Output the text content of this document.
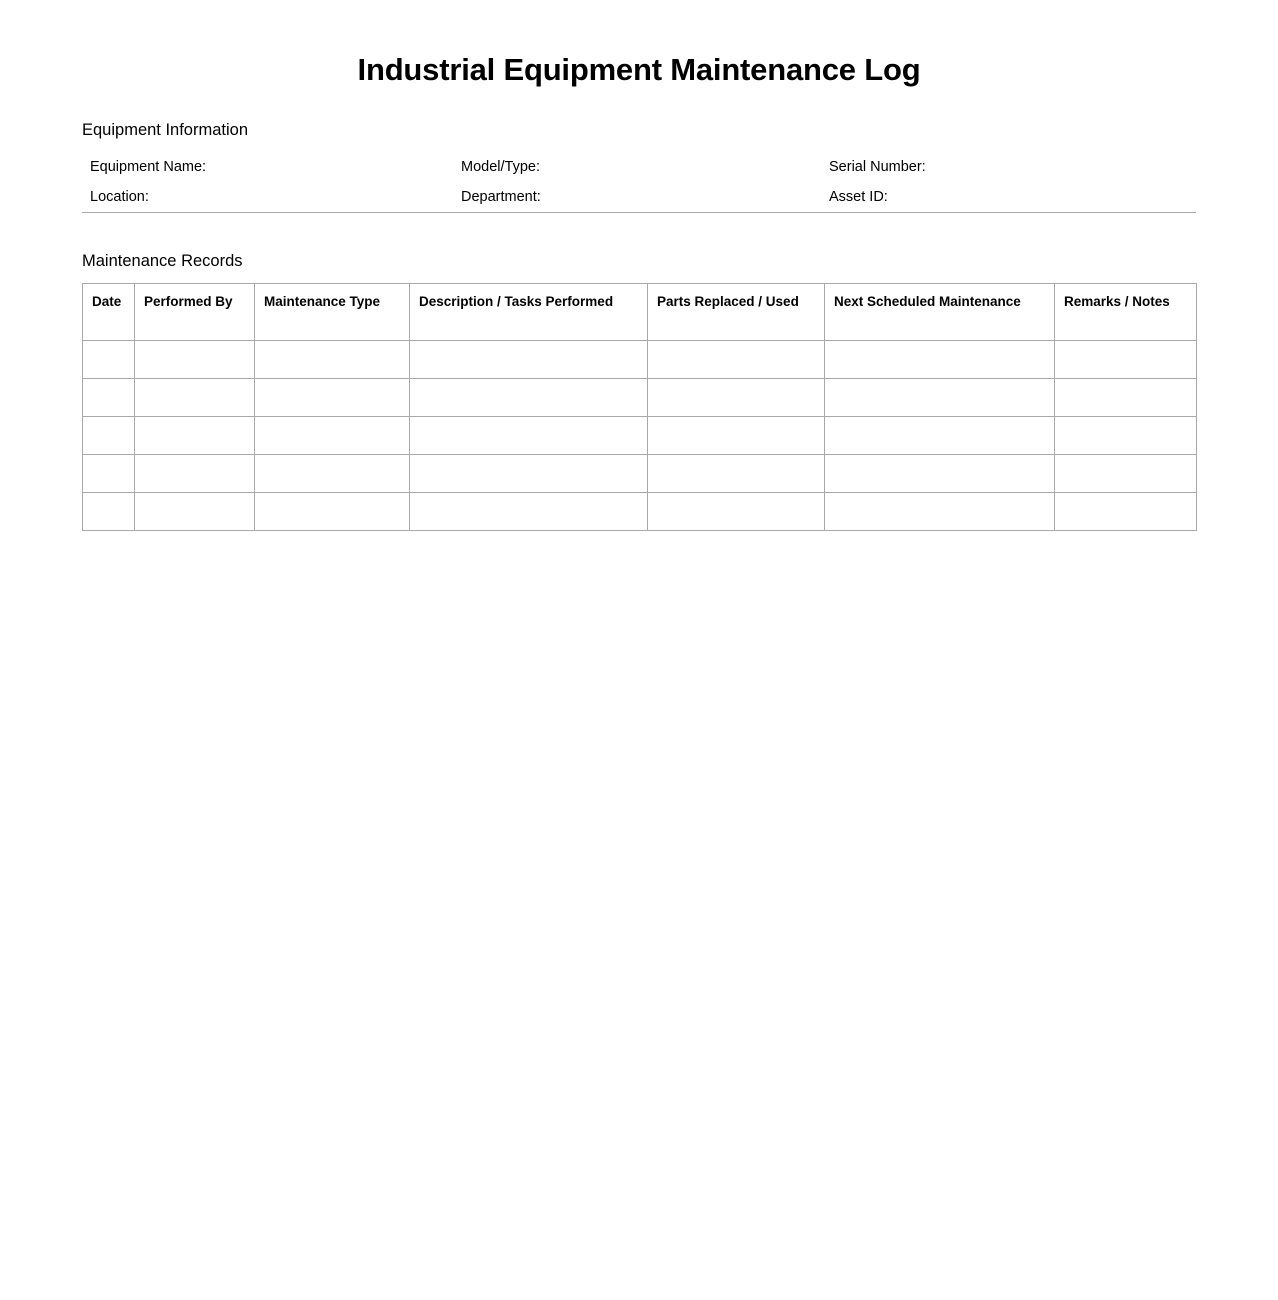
Industrial Equipment Maintenance Log
Equipment Information
Equipment Name:	Model/Type:	Serial Number:
Location:	Department:	Asset ID:
Maintenance Records
Date	Performed By	Maintenance Type	Description / Tasks Performed	Parts Replaced / Used	Next Scheduled Maintenance	Remarks / Notes
